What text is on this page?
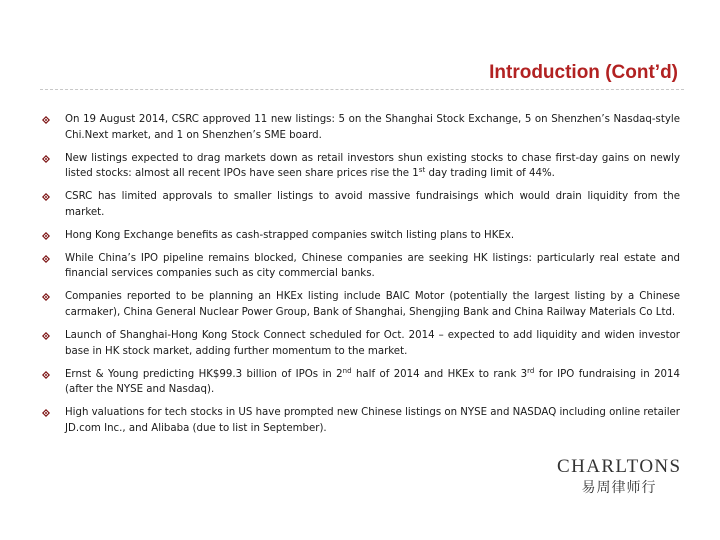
Introduction (Cont’d)
On 19 August 2014, CSRC approved 11 new listings: 5 on the Shanghai Stock Exchange, 5 on Shenzhen’s Nasdaq-style Chi.Next market, and 1 on Shenzhen’s SME board.
New listings expected to drag markets down as retail investors shun existing stocks to chase first-day gains on newly listed stocks: almost all recent IPOs have seen share prices rise the 1st day trading limit of 44%.
CSRC has limited approvals to smaller listings to avoid massive fundraisings which would drain liquidity from the market.
Hong Kong Exchange benefits as cash-strapped companies switch listing plans to HKEx.
While China’s IPO pipeline remains blocked, Chinese companies are seeking HK listings: particularly real estate and financial services companies such as city commercial banks.
Companies reported to be planning an HKEx listing include BAIC Motor (potentially the largest listing by a Chinese carmaker), China General Nuclear Power Group, Bank of Shanghai, Shengjing Bank and China Railway Materials Co Ltd.
Launch of Shanghai-Hong Kong Stock Connect scheduled for Oct. 2014 – expected to add liquidity and widen investor base in HK stock market, adding further momentum to the market.
Ernst & Young predicting HK$99.3 billion of IPOs in 2nd half of 2014 and HKEx to rank 3rd for IPO fundraising in 2014 (after the NYSE and Nasdaq).
High valuations for tech stocks in US have prompted new Chinese listings on NYSE and NASDAQ including online retailer JD.com Inc., and Alibaba (due to list in September).
CHARLTONS
易周律师行
